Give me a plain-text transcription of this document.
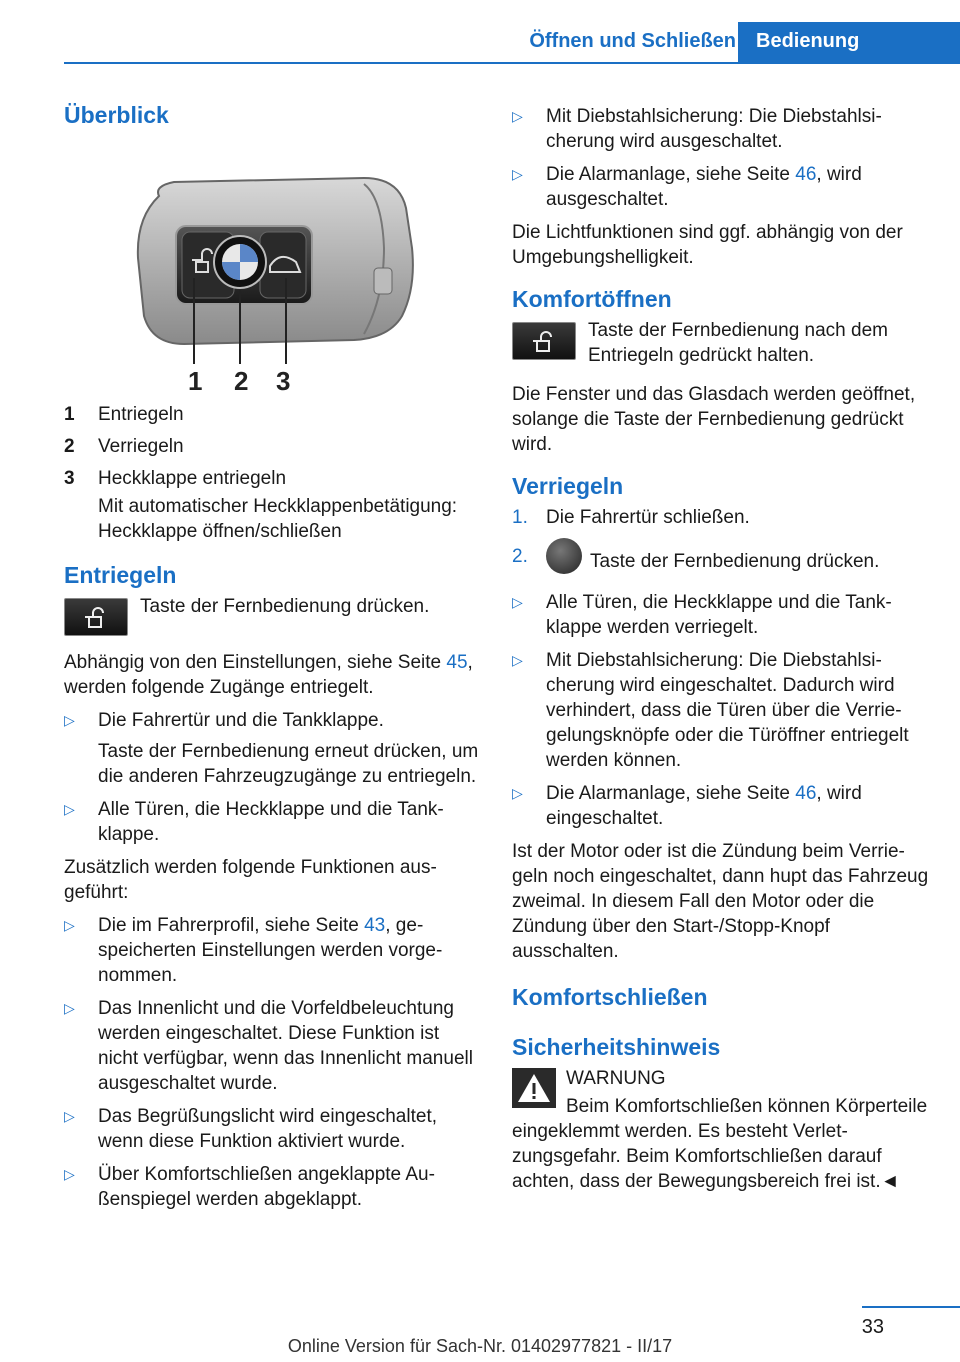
Öffnen und Schließen	Bedienung
Überblick
1 2 3
1	Entriegeln
2	Verriegeln
3	Heckklappe entriegeln
Mit automatischer Heckklappenbetätigung: Heckklappe öffnen/schließen
Entriegeln
Taste der Fernbedienung drücken.

Abhängig von den Einstellungen, siehe Seite 45, werden folgende Zugänge entriegelt.

▷ Die Fahrertür und die Tankklappe.
Taste der Fernbedienung erneut drücken, um die anderen Fahrzeugzugänge zu entriegeln.
▷ Alle Türen, die Heckklappe und die Tankklappe.

Zusätzlich werden folgende Funktionen ausgeführt:

▷ Die im Fahrerprofil, siehe Seite 43, gespeicherten Einstellungen werden vorgenommen.
▷ Das Innenlicht und die Vorfeldbeleuchtung werden eingeschaltet. Diese Funktion ist nicht verfügbar, wenn das Innenlicht manuell ausgeschaltet wurde.
▷ Das Begrüßungslicht wird eingeschaltet, wenn diese Funktion aktiviert wurde.
▷ Über Komfortschließen angeklappte Außenspiegel werden abgeklappt.
▷ Mit Diebstahlsicherung: Die Diebstahlsicherung wird ausgeschaltet.
▷ Die Alarmanlage, siehe Seite 46, wird ausgeschaltet.

Die Lichtfunktionen sind ggf. abhängig von der Umgebungshelligkeit.

Komfortöffnen
Taste der Fernbedienung nach dem Entriegeln gedrückt halten.

Die Fenster und das Glasdach werden geöffnet, solange die Taste der Fernbedienung gedrückt wird.

Verriegeln
1. Die Fahrertür schließen.
2.	Taste der Fernbedienung drücken.
▷ Alle Türen, die Heckklappe und die Tankklappe werden verriegelt.
▷ Mit Diebstahlsicherung: Die Diebstahlsicherung wird eingeschaltet. Dadurch wird verhindert, dass die Türen über die Verriegelungsknöpfe oder die Türöffner entriegelt werden können.
▷ Die Alarmanlage, siehe Seite 46, wird eingeschaltet.

Ist der Motor oder ist die Zündung beim Verriegeln noch eingeschaltet, dann hupt das Fahrzeug zweimal. In diesem Fall den Motor oder die Zündung über den Start-/Stopp-Knopf ausschalten.

Komfortschließen
Sicherheitshinweis
WARNUNG

Beim Komfortschließen können Körperteile eingeklemmt werden. Es besteht Verletzungsgefahr. Beim Komfortschließen darauf achten, dass der Bewegungsbereich frei ist.◄

33
Online Version für Sach-Nr. 01402977821 - II/17
